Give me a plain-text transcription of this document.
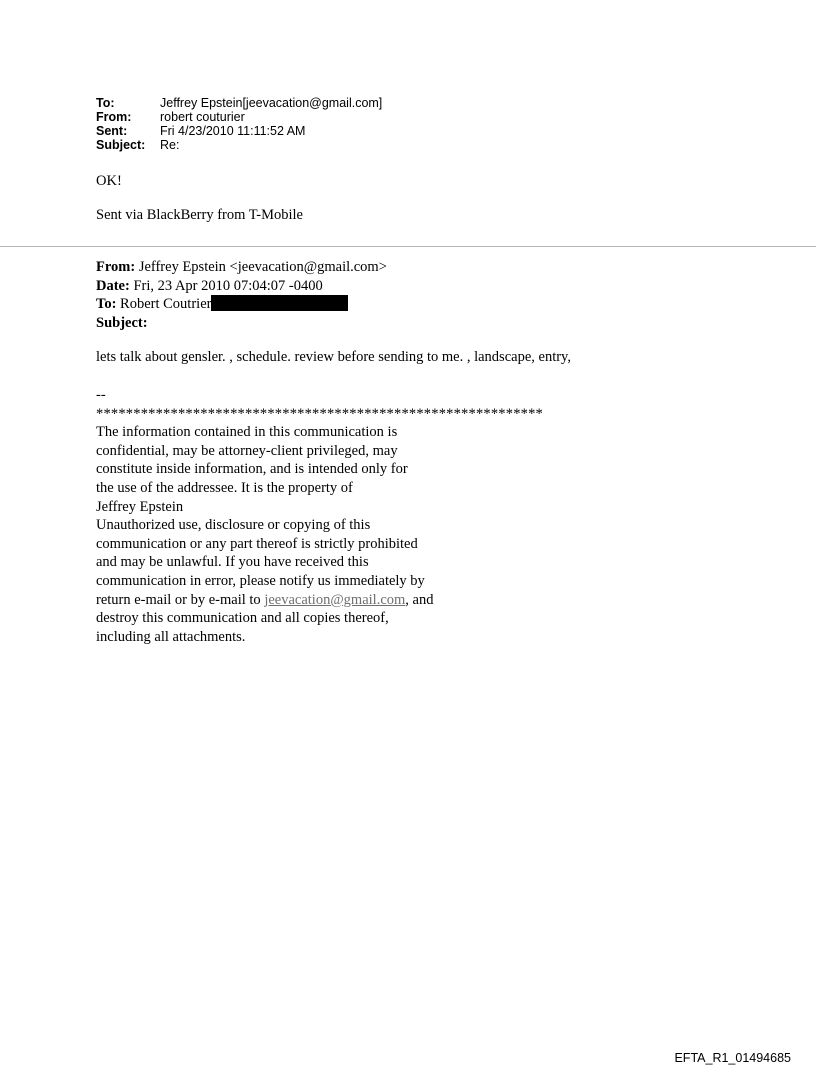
To:	Jeffrey Epstein[jeevacation@gmail.com]
From:	robert couturier
Sent:	Fri 4/23/2010 11:11:52 AM
Subject:	Re:
OK!
Sent via BlackBerry from T-Mobile
From: Jeffrey Epstein <jeevacation@gmail.com>
Date: Fri, 23 Apr 2010 07:04:07 -0400
To: Robert Coutrier
Subject:
lets talk about gensler. , schedule. review before sending to me. , landscape, entry,
--
************************************************************
The information contained in this communication is
confidential, may be attorney-client privileged, may
constitute inside information, and is intended only for
the use of the addressee. It is the property of
Jeffrey Epstein
Unauthorized use, disclosure or copying of this
communication or any part thereof is strictly prohibited
and may be unlawful. If you have received this
communication in error, please notify us immediately by
return e-mail or by e-mail to jeevacation@gmail.com, and
destroy this communication and all copies thereof,
including all attachments.
EFTA_R1_01494685
